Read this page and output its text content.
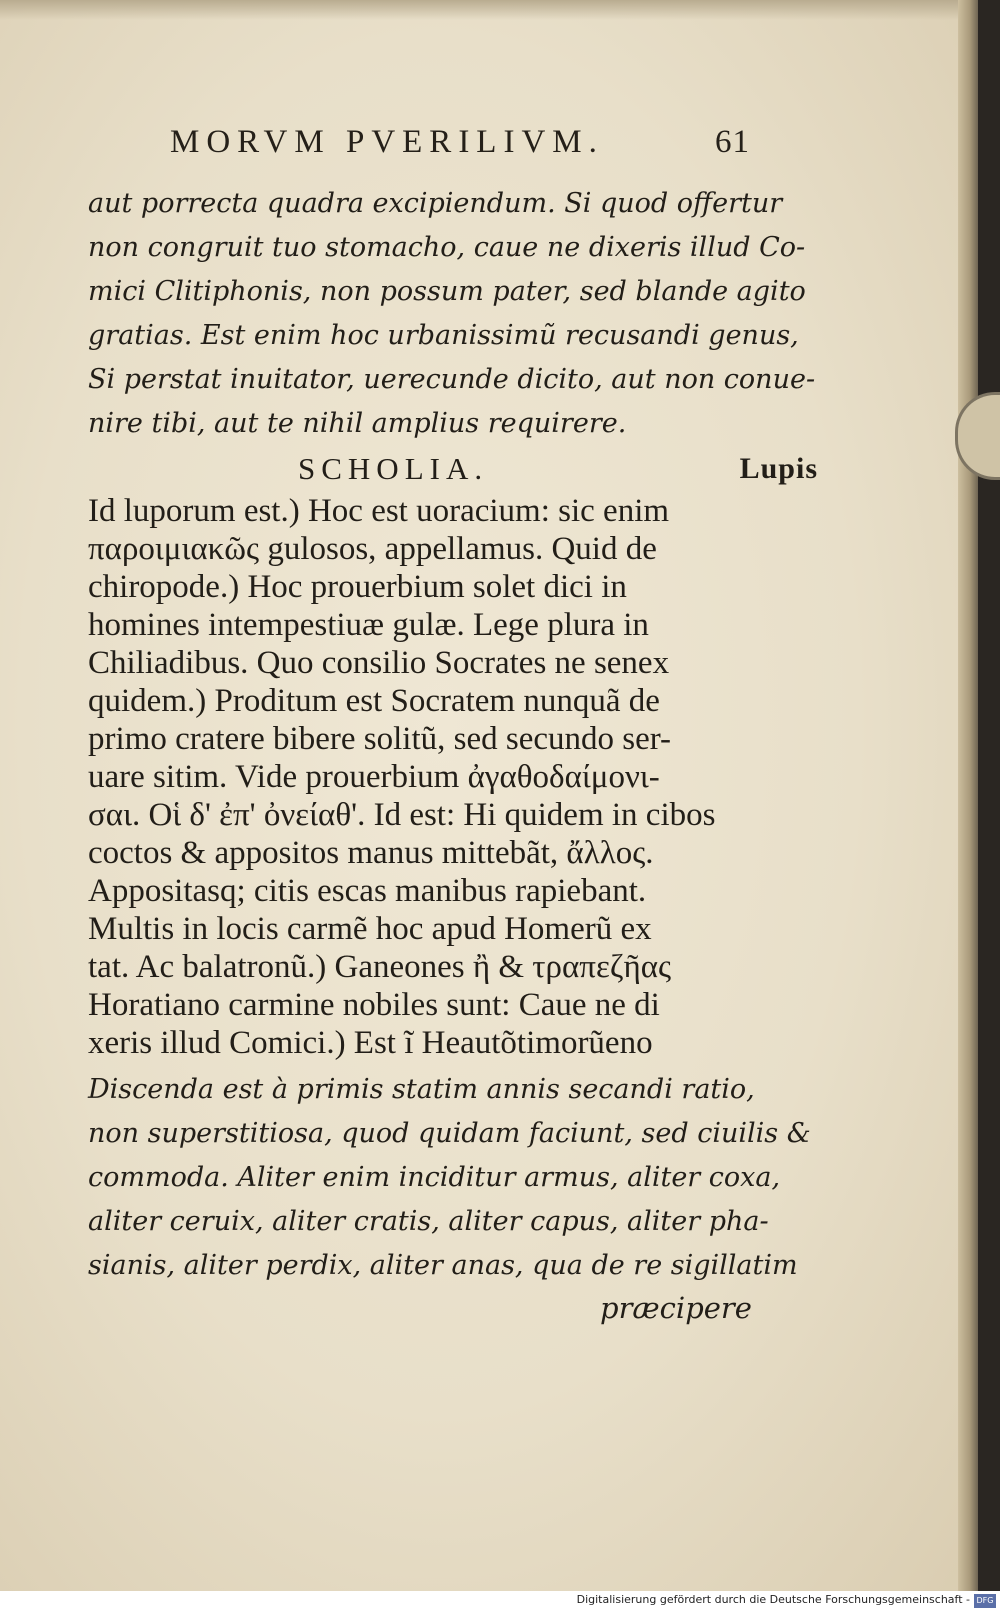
MORVM PVERILIVM.	61
aut porrecta quadra excipiendum. Si quod offertur
non congruit tuo stomacho, caue ne dixeris illud Co-
mici Clitiphonis, non possum pater, sed blande agito
gratias. Est enim hoc urbanissimũ recusandi genus,
Si perstat inuitator, uerecunde dicito, aut non conue-
nire tibi, aut te nihil amplius requirere.
SCHOLIA.	Lupis
Id luporum est.) Hoc est uoracium: sic enim
παροιμιακῶς gulosos, appellamus. Quid de
chiropode.) Hoc prouerbium solet dici in
homines intempestiuæ gulæ. Lege plura in
Chiliadibus. Quo consilio Socrates ne senex
quidem.) Proditum est Socratem nunquã de
primo cratere bibere solitũ, sed secundo ser-
uare sitim. Vide prouerbium ἀγαθοδαίμονι-
σαι. Οἱ δ' ἐπ' ὀνείαθ'. Id est: Hi quidem in cibos
coctos & appositos manus mittebãt, ἄλλος.
Appositasq; citis escas manibus rapiebant.
Multis in locis carmẽ hoc apud Homerũ ex
tat. Ac balatronũ.) Ganeones ἢ & τραπεζῆας
Horatiano carmine nobiles sunt: Caue ne di
xeris illud Comici.) Est ĩ Heautõtimorũeno
Discenda est à primis statim annis secandi ratio,
non superstitiosa, quod quidam faciunt, sed ciuilis &
commoda. Aliter enim inciditur armus, aliter coxa,
aliter ceruix, aliter cratis, aliter capus, aliter pha-
sianis, aliter perdix, aliter anas, qua de re sigillatim
præcipere
Digitalisierung gefördert durch die Deutsche Forschungsgemeinschaft - DFG
